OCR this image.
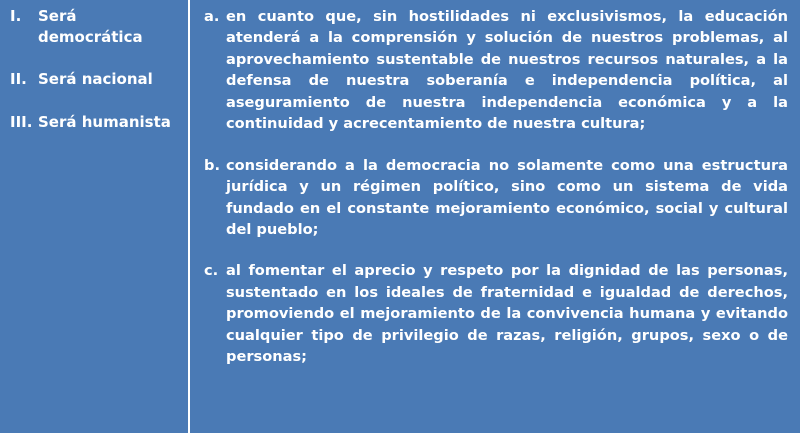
I.	Será democrática
II. Será nacional
III. Será humanista
a. en cuanto que, sin hostilidades ni exclusivismos, la educación atenderá a la comprensión y solución de nuestros problemas, al aprovechamiento sustentable de nuestros recursos naturales, a la defensa de nuestra soberanía e independencia política, al aseguramiento de nuestra independencia económica y a la continuidad y acrecentamiento de nuestra cultura;
b. considerando a la democracia no solamente como una estructura jurídica y un régimen político, sino como un sistema de vida fundado en el constante mejoramiento económico, social y cultural del pueblo;
c. al fomentar el aprecio y respeto por la dignidad de las personas, sustentado en los ideales de fraternidad e igualdad de derechos, promoviendo el mejoramiento de la convivencia humana y evitando cualquier tipo de privilegio de razas, religión, grupos, sexo o de personas;
